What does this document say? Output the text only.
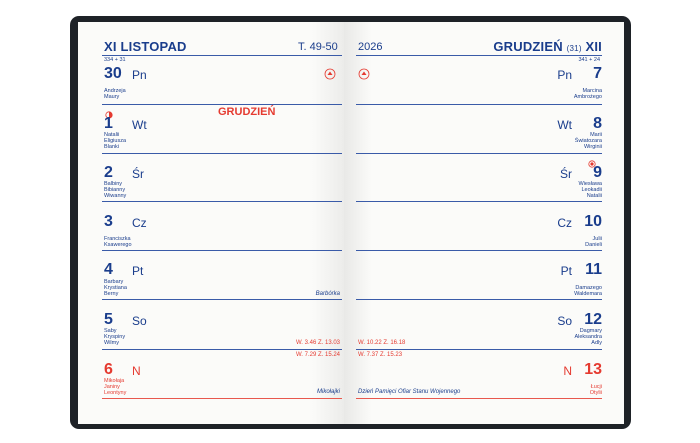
XI LISTOPAD	T. 49-50
334 + 31
30 Pn
Andrzeja
Maury
GRUDZIEŃ
1 Wt
Natalii
Eligiusza
Blanki
2 Śr
Balbiny
Bibianny
Wiwanny
3 Cz
Franciszka
Ksawerego
4 Pt
Barbary
Krystiana
Berny	Barbórka
5 So
Saby
Kryspiny
Wilmy	W. 3.46 Z. 13.03
W. 7.29 Z. 15.24
6 N
Mikołaja
Janiny
Leontyny	Mikołajki
2026	GRUDZIEŃ (31) XII
341 + 24
Pn	7
Marcina
Ambrożego
Wt	8
Marii
Światozara
Wirginii
Śr	9
Wiesława
Leokadii
Natalii
Cz 10
Julii
Danieli
Pt 11
Damazego
Waldemara
So 12
Dagmary
Aleksandra
Adly
W. 10.22 Z. 16.18
W. 7.37 Z. 15.23
N 13
Łucji
Otylii
Dzień Pamięci Ofiar Stanu Wojennego
